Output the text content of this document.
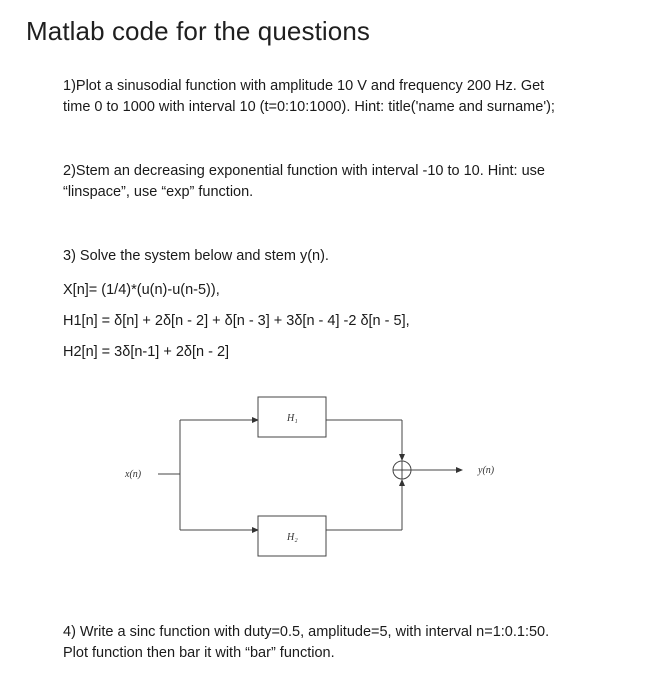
Matlab code for the questions
1)Plot a sinusodial function with amplitude 10 V and frequency 200 Hz. Get
time 0 to 1000 with interval 10 (t=0:10:1000). Hint: title('name and surname');
2)Stem an decreasing exponential function with interval -10 to 10. Hint: use
“linspace”, use “exp” function.
3) Solve the system below and stem y(n).
X[n]= (1/4)*(u(n)-u(n-5)),
H1[n] = δ[n] + 2δ[n - 2] + δ[n - 3] + 3δ[n - 4] -2 δ[n - 5],
H2[n] = 3δ[n-1] + 2δ[n - 2]
x(n)
H₁
H₂
y(n)
4) Write a sinc function with duty=0.5, amplitude=5, with interval n=1:0.1:50.
Plot function then bar it with “bar” function.
